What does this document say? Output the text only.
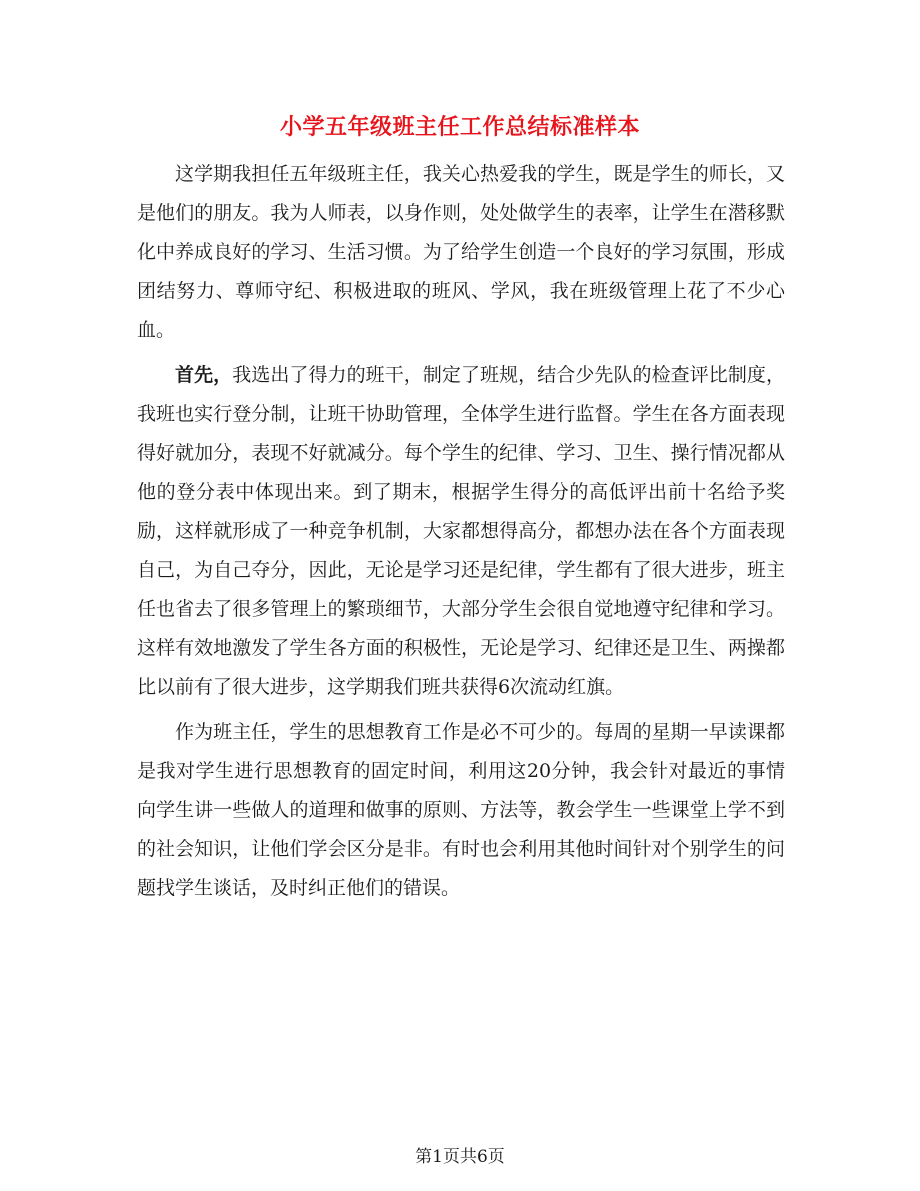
小学五年级班主任工作总结标准样本

这学期我担任五年级班主任，我关心热爱我的学生，既是学生的师长，又是他们的朋友。我为人师表，以身作则，处处做学生的表率，让学生在潜移默化中养成良好的学习、生活习惯。为了给学生创造一个良好的学习氛围，形成团结努力、尊师守纪、积极进取的班风、学风，我在班级管理上花了不少心血。

首先，我选出了得力的班干，制定了班规，结合少先队的检查评比制度，我班也实行登分制，让班干协助管理，全体学生进行监督。学生在各方面表现得好就加分，表现不好就减分。每个学生的纪律、学习、卫生、操行情况都从他的登分表中体现出来。到了期末，根据学生得分的高低评出前十名给予奖励，这样就形成了一种竞争机制，大家都想得高分，都想办法在各个方面表现自己，为自己夺分，因此，无论是学习还是纪律，学生都有了很大进步，班主任也省去了很多管理上的繁琐细节，大部分学生会很自觉地遵守纪律和学习。这样有效地激发了学生各方面的积极性，无论是学习、纪律还是卫生、两操都比以前有了很大进步，这学期我们班共获得6次流动红旗。

作为班主任，学生的思想教育工作是必不可少的。每周的星期一早读课都是我对学生进行思想教育的固定时间，利用这20分钟，我会针对最近的事情向学生讲一些做人的道理和做事的原则、方法等，教会学生一些课堂上学不到的社会知识，让他们学会区分是非。有时也会利用其他时间针对个别学生的问题找学生谈话，及时纠正他们的错误。

第1页共6页
